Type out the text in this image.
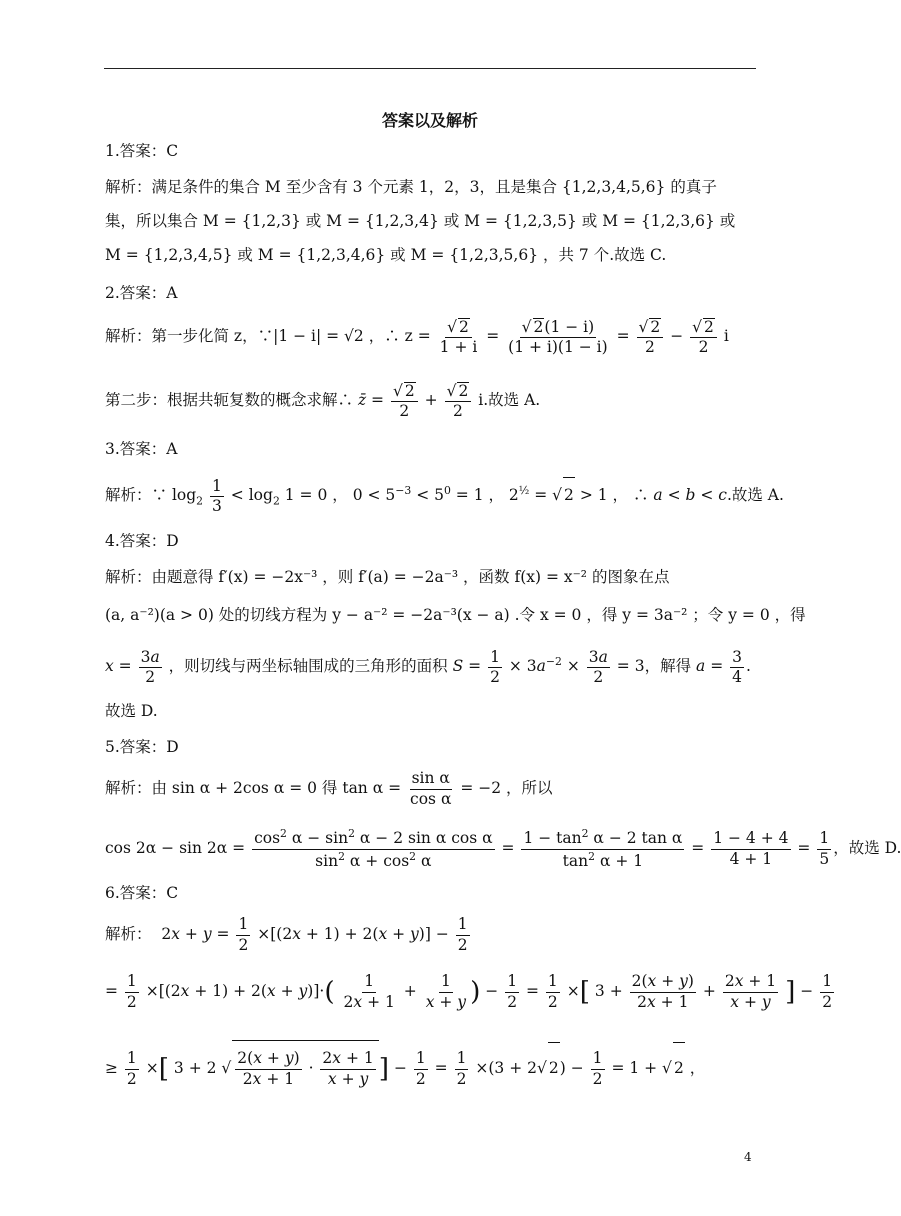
答案以及解析
1.答案：C
解析：满足条件的集合 M 至少含有 3 个元素 1，2，3，且是集合 {1,2,3,4,5,6} 的真子
集，所以集合 M = {1,2,3} 或 M = {1,2,3,4} 或 M = {1,2,3,5} 或 M = {1,2,3,6} 或
M = {1,2,3,4,5} 或 M = {1,2,3,4,6} 或 M = {1,2,3,5,6} ，共 7 个.故选 C.
2.答案：A
解析：第一步化简 z，∵|1 − i| = √2 ，∴ $z = \frac{√ 2}{1 + i} = \frac{√ 2(1 - i)}{(1 + i)(1 - i)} = \frac{√ 2}{2} - \frac{√ 2}{2}$ i
第二步：根据共轭复数的概念求解∴ z̄ = $\frac{√ 2}{2} + \frac{√ 2}{2} i$.故选 A.
3.答案：A
解析：∵ $\log_2 \frac{1}{3} < \log_2 1 = 0$ ， $0 < 5^{-3} < 5^0 = 1$ ， $2^{\frac{1}{2}}$ = √ 2 > 1 ， ∴ a < b < c.故选 A.
4.答案：D
解析：由题意得 f′(x) = −2x⁻³ ，则 f′(a) = −2a⁻³ ，函数 f(x) = x⁻² 的图象在点
(a, a⁻²)(a > 0) 处的切线方程为 y − a⁻² = −2a⁻³(x − a) .令 x = 0 ，得 y = 3a⁻² ；令 y = 0 ，得
$x = \frac{3a}{2}$ ，则切线与两坐标轴围成的三角形的面积 $S = \frac{1}{2} \times 3a^{-2} \times \frac{3a}{2} = 3$，解得 $a = \frac{3}{4}$ .
故选 D.
5.答案：D
解析：由 sin α + 2cos α = 0 得 $\tan \alpha = \frac{\text{sin α}}{\text{cos α}} = -2$ ，所以
$\cos 2\alpha - \sin 2\alpha = \frac{\cos^2 \alpha - \sin^2 \alpha - 2 \sin \alpha \cos \alpha}{\sin^2 \alpha + \cos^2 \alpha} = \frac{1 - \tan^2 \alpha - 2 \tan \alpha}{\tan^2 \alpha + 1} = \frac{1 - 4 + 4}{4 + 1} = \frac{1}{5}$ ，故选 D.
6.答案：C
解析：  $2x + y = \frac{1}{2} \times[(2x + 1) + 2(x + y)] - \frac{1}{2}$
= $\frac{1}{2} \times[(2x + 1) + 2(x + y)]\cdot( \frac{1}{2x + 1} + \frac{1}{x + y}$ ) − $\frac{1}{2} = \frac{1}{2}$ ×[ $3 + \frac{2(x + y)}{2x + 1} + \frac{2x + 1}{x + y}$ ] − $\frac{1}{2}$
≥ $\frac{1}{2}$ ×[ 3 + 2 √ $\frac{2(x + y)}{2x + 1} \cdot \frac{2x + 1}{x + y}$ ] − $\frac{1}{2} = \frac{1}{2} \times(3 + 2√$ $2) - \frac{1}{2} = 1$ + √ 2 ，
4
